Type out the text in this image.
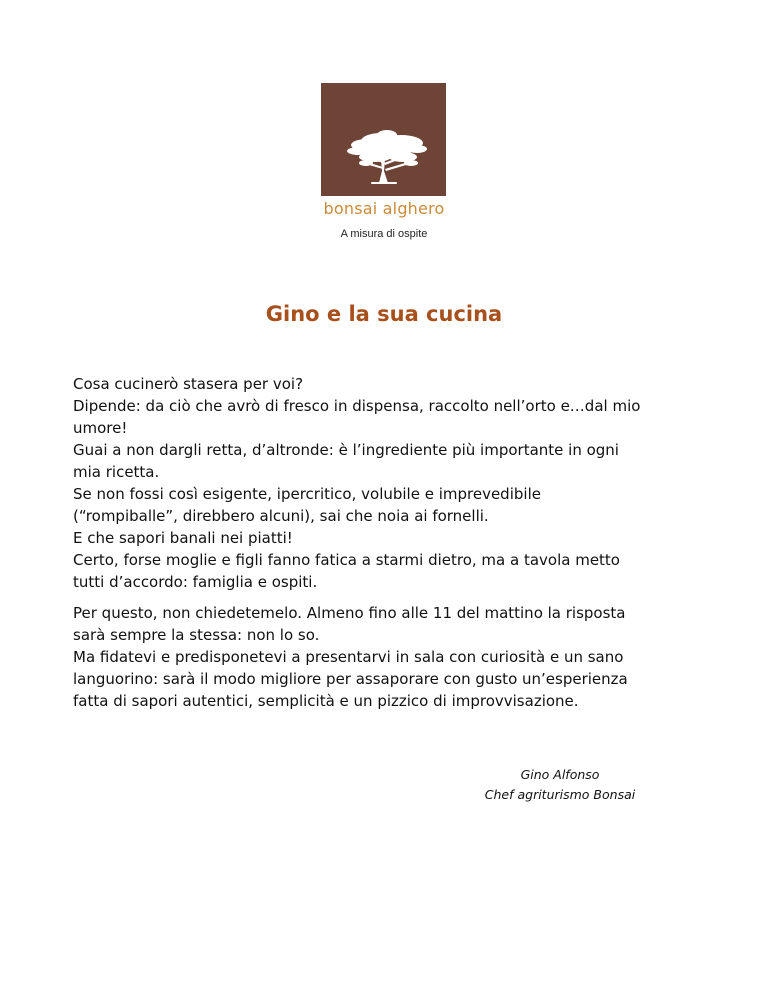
bonsai alghero
A misura di ospite
Gino e la sua cucina

Cosa cucinerò stasera per voi?
Dipende: da ciò che avrò di fresco in dispensa, raccolto nell’orto e…dal mio
umore!
Guai a non dargli retta, d’altronde: è l’ingrediente più importante in ogni
mia ricetta.
Se non fossi così esigente, ipercritico, volubile e imprevedibile
(“rompiballe”, direbbero alcuni), sai che noia ai fornelli.
E che sapori banali nei piatti!
Certo, forse moglie e figli fanno fatica a starmi dietro, ma a tavola metto
tutti d’accordo: famiglia e ospiti.

Per questo, non chiedetemelo. Almeno fino alle 11 del mattino la risposta
sarà sempre la stessa: non lo so.
Ma fidatevi e predisponetevi a presentarvi in sala con curiosità e un sano
languorino: sarà il modo migliore per assaporare con gusto un’esperienza
fatta di sapori autentici, semplicità e un pizzico di improvvisazione.

Gino Alfonso
Chef agriturismo Bonsai
